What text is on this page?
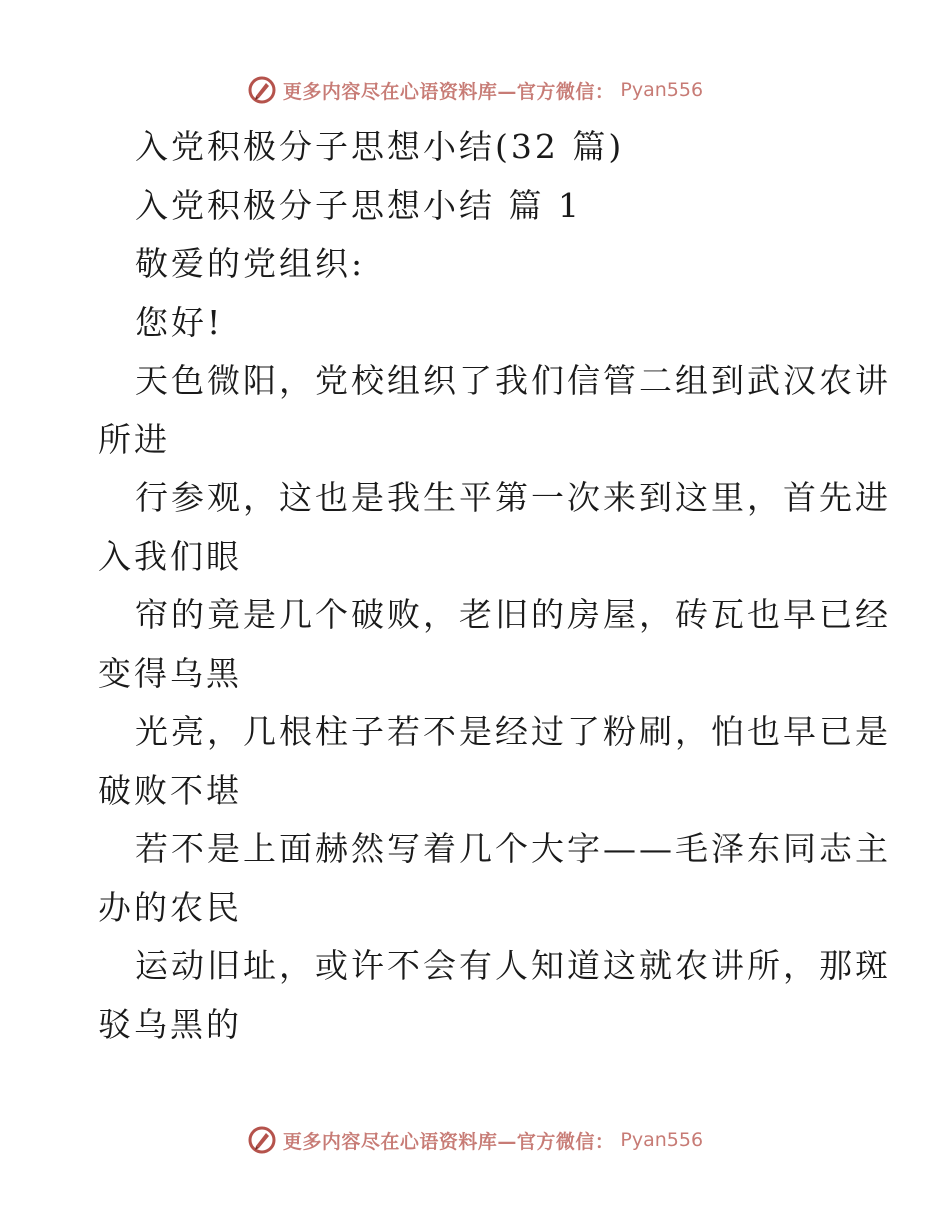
更多内容尽在心语资料库—官方微信： Pyan556
入党积极分子思想小结(32 篇)
入党积极分子思想小结 篇 1
敬爱的党组织:
您好!
天色微阳，党校组织了我们信管二组到武汉农讲
所进
行参观，这也是我生平第一次来到这里，首先进
入我们眼
帘的竟是几个破败，老旧的房屋，砖瓦也早已经
变得乌黑
光亮，几根柱子若不是经过了粉刷，怕也早已是
破败不堪
若不是上面赫然写着几个大字——毛泽东同志主
办的农民
运动旧址，或许不会有人知道这就农讲所，那斑
驳乌黑的
更多内容尽在心语资料库—官方微信： Pyan556
